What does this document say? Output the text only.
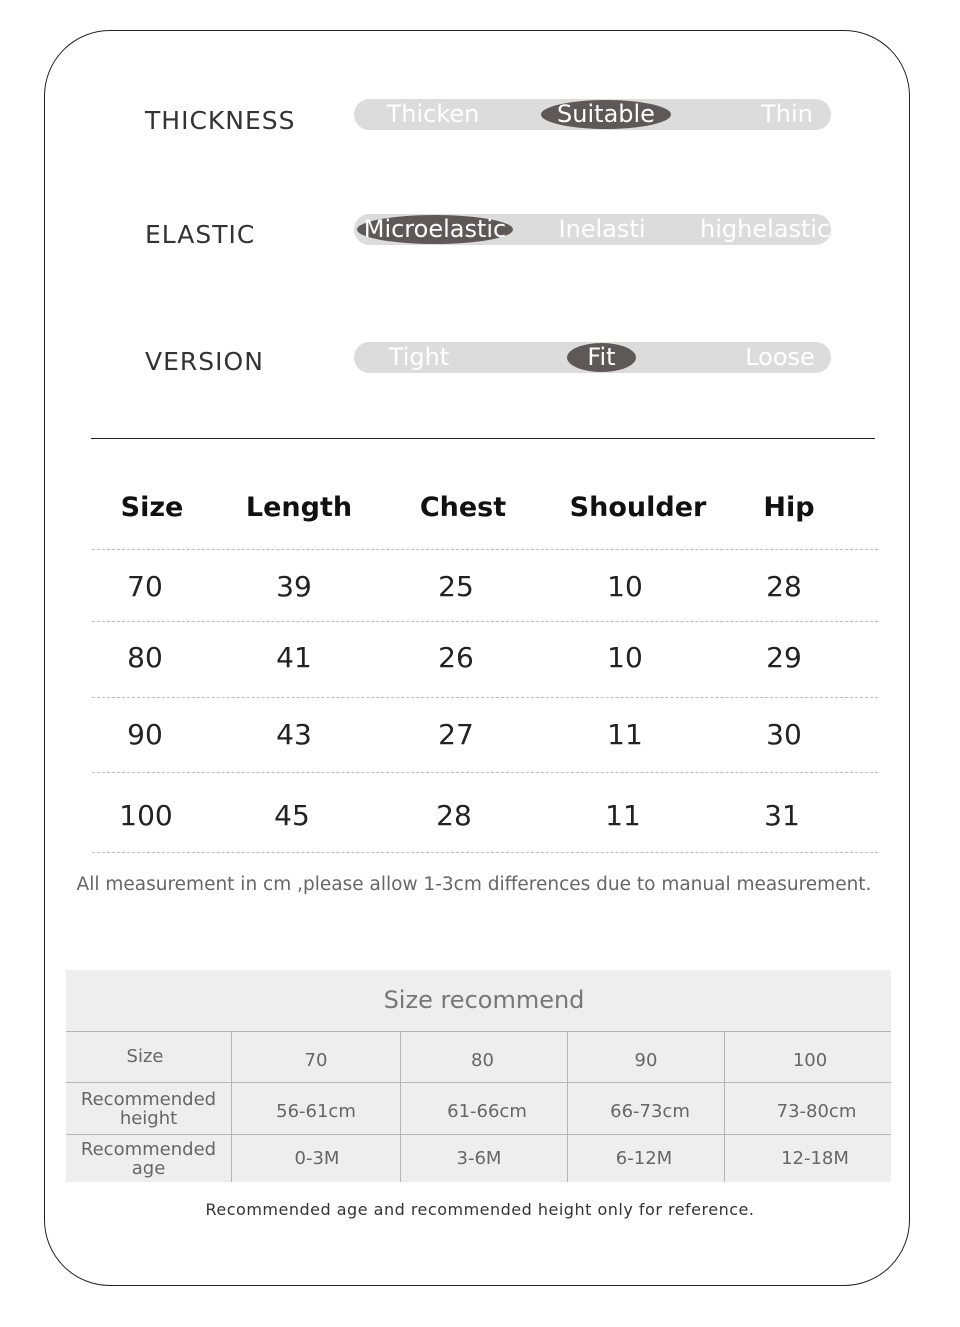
THICKNESS	Thicken	Suitable	Thin
ELASTIC	Microelastic Inelasti highelastic
VERSION	Tight	Fit	Loose
Size	Length	Chest	Shoulder	Hip
70	39	25	10	28
80	41	26	10	29
90	43	27	11	30
100	45	28	11	31
All measurement in cm ,please allow 1-3cm differences due to manual measurement.
Size recommend
Size	70	80	90	100
Recommended height	56-61cm	61-66cm	66-73cm	73-80cm
Recommended age	0-3M	3-6M	6-12M	12-18M
Recommended age and recommended height only for reference.
